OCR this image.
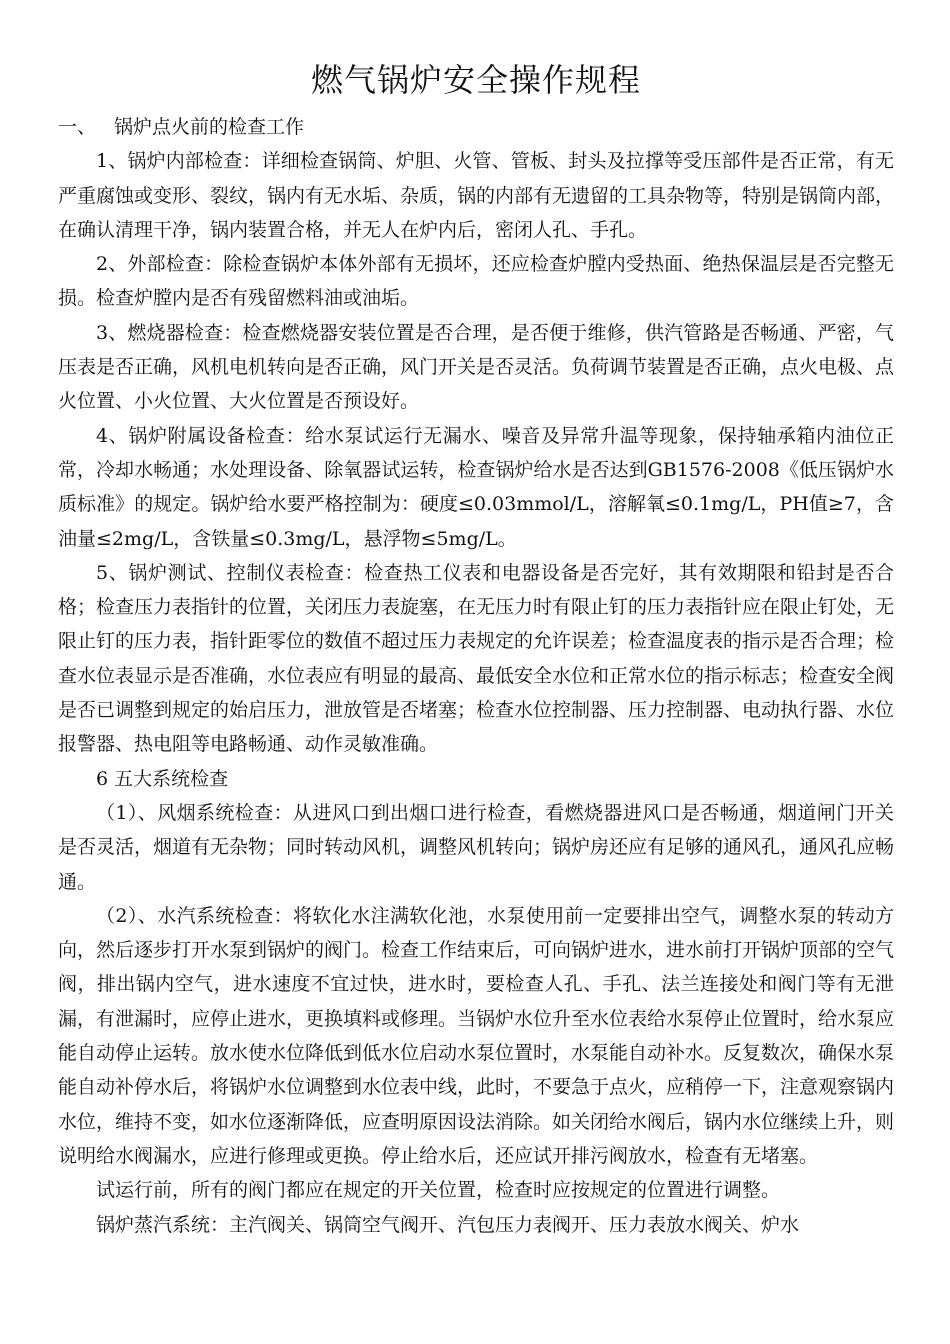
燃气锅炉安全操作规程
一、 锅炉点火前的检查工作

1、锅炉内部检查：详细检查锅筒、炉胆、火管、管板、封头及拉撑等受压部件是否正常，有无严重腐蚀或变形、裂纹，锅内有无水垢、杂质，锅的内部有无遗留的工具杂物等，特别是锅筒内部，在确认清理干净，锅内装置合格，并无人在炉内后，密闭人孔、手孔。

2、外部检查：除检查锅炉本体外部有无损坏，还应检查炉膛内受热面、绝热保温层是否完整无损。检查炉膛内是否有残留燃料油或油垢。

3、燃烧器检查：检查燃烧器安装位置是否合理，是否便于维修，供汽管路是否畅通、严密，气压表是否正确，风机电机转向是否正确，风门开关是否灵活。负荷调节装置是否正确，点火电极、点火位置、小火位置、大火位置是否预设好。

4、锅炉附属设备检查：给水泵试运行无漏水、噪音及异常升温等现象，保持轴承箱内油位正常，冷却水畅通；水处理设备、除氧器试运转，检查锅炉给水是否达到GB1576-2008《低压锅炉水质标准》的规定。锅炉给水要严格控制为：硬度≤0.03mmol/L，溶解氧≤0.1mg/L，PH值≥7，含油量≤2mg/L，含铁量≤0.3mg/L，悬浮物≤5mg/L。

5、锅炉测试、控制仪表检查：检查热工仪表和电器设备是否完好，其有效期限和铅封是否合格；检查压力表指针的位置，关闭压力表旋塞，在无压力时有限止钉的压力表指针应在限止钉处，无限止钉的压力表，指针距零位的数值不超过压力表规定的允许误差；检查温度表的指示是否合理；检查水位表显示是否准确，水位表应有明显的最高、最低安全水位和正常水位的指示标志；检查安全阀是否已调整到规定的始启压力，泄放管是否堵塞；检查水位控制器、压力控制器、电动执行器、水位报警器、热电阻等电路畅通、动作灵敏准确。

6 五大系统检查

（1）、风烟系统检查：从进风口到出烟口进行检查，看燃烧器进风口是否畅通，烟道闸门开关是否灵活，烟道有无杂物；同时转动风机，调整风机转向；锅炉房还应有足够的通风孔，通风孔应畅通。

（2）、水汽系统检查：将软化水注满软化池，水泵使用前一定要排出空气，调整水泵的转动方向，然后逐步打开水泵到锅炉的阀门。检查工作结束后，可向锅炉进水，进水前打开锅炉顶部的空气阀，排出锅内空气，进水速度不宜过快，进水时，要检查人孔、手孔、法兰连接处和阀门等有无泄漏，有泄漏时，应停止进水，更换填料或修理。当锅炉水位升至水位表给水泵停止位置时，给水泵应能自动停止运转。放水使水位降低到低水位启动水泵位置时，水泵能自动补水。反复数次，确保水泵能自动补停水后，将锅炉水位调整到水位表中线，此时，不要急于点火，应稍停一下，注意观察锅内水位，维持不变，如水位逐渐降低，应查明原因设法消除。如关闭给水阀后，锅内水位继续上升，则说明给水阀漏水，应进行修理或更换。停止给水后，还应试开排污阀放水，检查有无堵塞。

试运行前，所有的阀门都应在规定的开关位置，检查时应按规定的位置进行调整。

锅炉蒸汽系统：主汽阀关、锅筒空气阀开、汽包压力表阀开、压力表放水阀关、炉水
